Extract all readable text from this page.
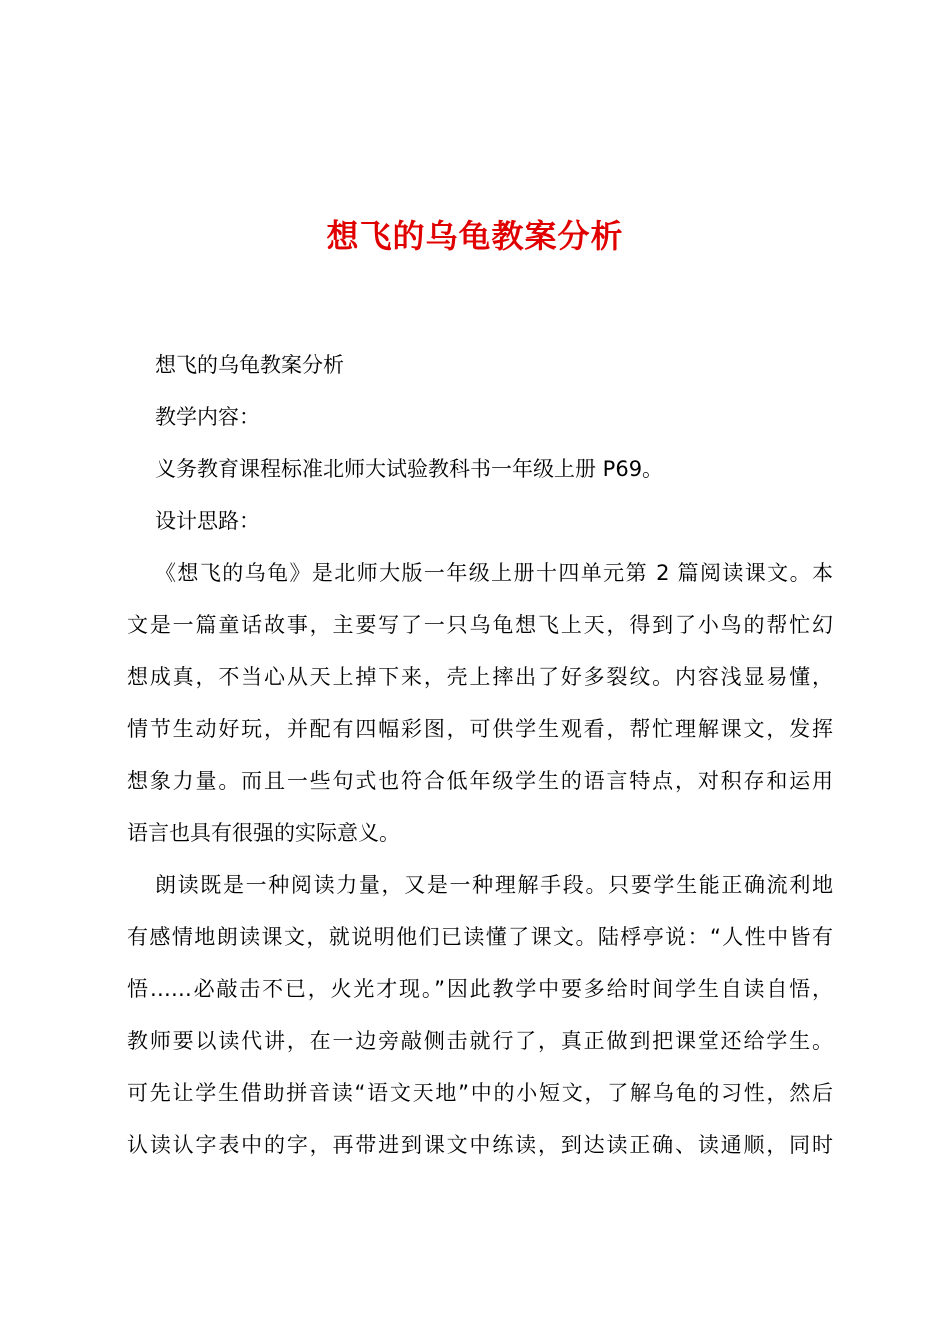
想飞的乌龟教案分析
想飞的乌龟教案分析
教学内容：
义务教育课程标准北师大试验教科书一年级上册 P69。
设计思路：
《想飞的乌龟》是北师大版一年级上册十四单元第 2 篇阅读课文。本
文是一篇童话故事，主要写了一只乌龟想飞上天，得到了小鸟的帮忙幻
想成真，不当心从天上掉下来，壳上摔出了好多裂纹。内容浅显易懂，
情节生动好玩，并配有四幅彩图，可供学生观看，帮忙理解课文，发挥
想象力量。而且一些句式也符合低年级学生的语言特点，对积存和运用
语言也具有很强的实际意义。
朗读既是一种阅读力量，又是一种理解手段。只要学生能正确流利地
有感情地朗读课文，就说明他们已读懂了课文。陆桴亭说：“人性中皆有
悟……必敲击不已，火光才现。”因此教学中要多给时间学生自读自悟，
教师要以读代讲，在一边旁敲侧击就行了，真正做到把课堂还给学生。
可先让学生借助拼音读“语文天地”中的小短文，了解乌龟的习性，然后
认读认字表中的字，再带进到课文中练读，到达读正确、读通顺，同时
